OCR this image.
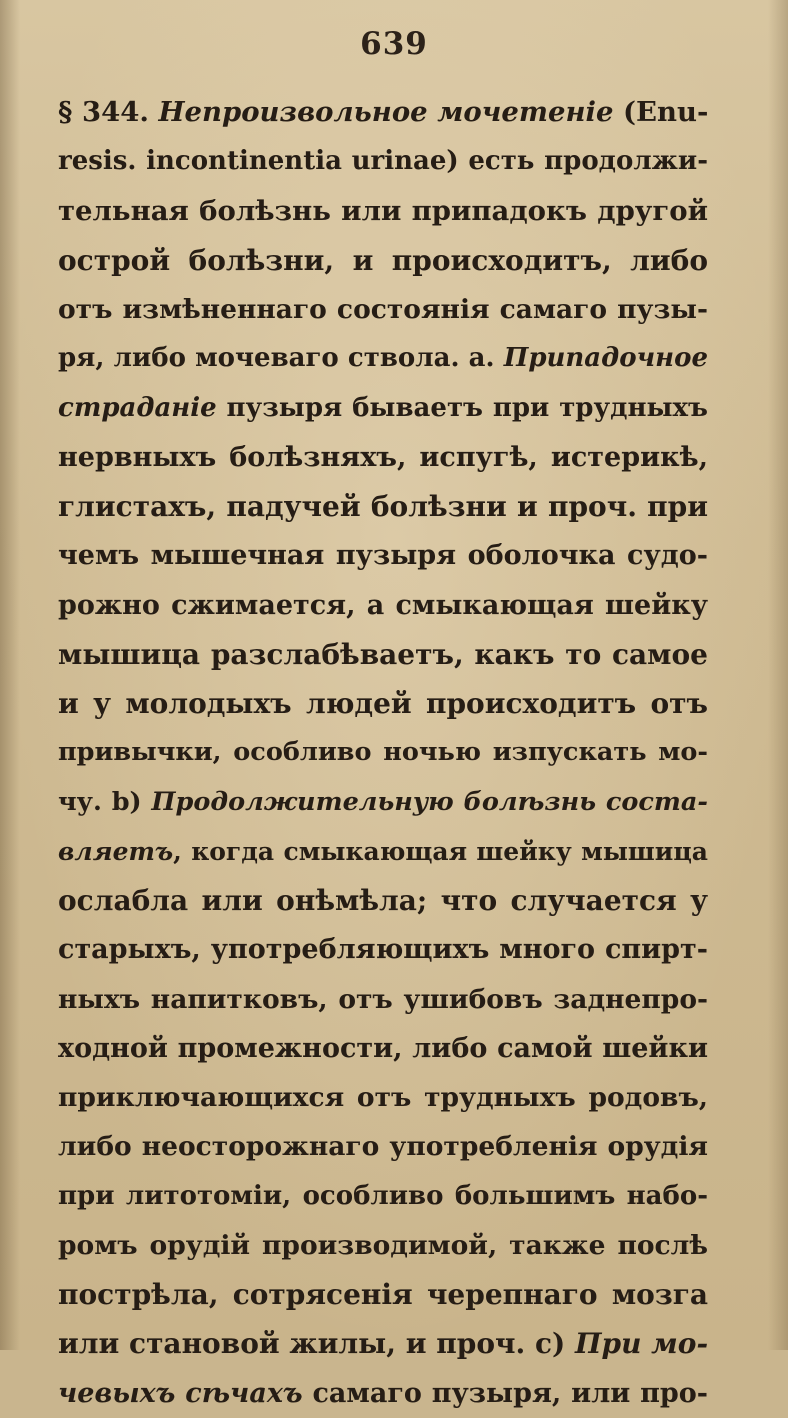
639
§ 344. Непроизвольное мочетеніе (Enu-
resis. incontinentia urinae) есть продолжи-
тельная болѣзнь или припадокъ другой
острой болѣзни, и происходитъ, либо
отъ измѣненнаго состоянія самаго пузы-
ря, либо мочеваго ствола. a. Припадочное
страданіе пузыря бываетъ при трудныхъ
нервныхъ болѣзняхъ, испугѣ, истерикѣ,
глистахъ, падучей болѣзни и проч. при
чемъ мышечная пузыря оболочка судо-
рожно сжимается, а смыкающая шейку
мышица разслабѣваетъ, какъ то самое
и у молодыхъ людей происходитъ отъ
привычки, особливо ночью изпускать мо-
чу. b) Продолжительную болѣзнь соста-
вляетъ, когда смыкающая шейку мышица
ослабла или онѣмѣла; что случается у
старыхъ, употребляющихъ много спирт-
ныхъ напитковъ, отъ ушибовъ заднепро-
ходной промежности, либо самой шейки
приключающихся отъ трудныхъ родовъ,
либо неосторожнаго употребленія орудія
при литотоміи, особливо большимъ набо-
ромъ орудій производимой, также послѣ
пострѣла, сотрясенія черепнаго мозга
или становой жилы, и проч. c) При мо-
чевыхъ сѣчахъ самаго пузыря, или про-
